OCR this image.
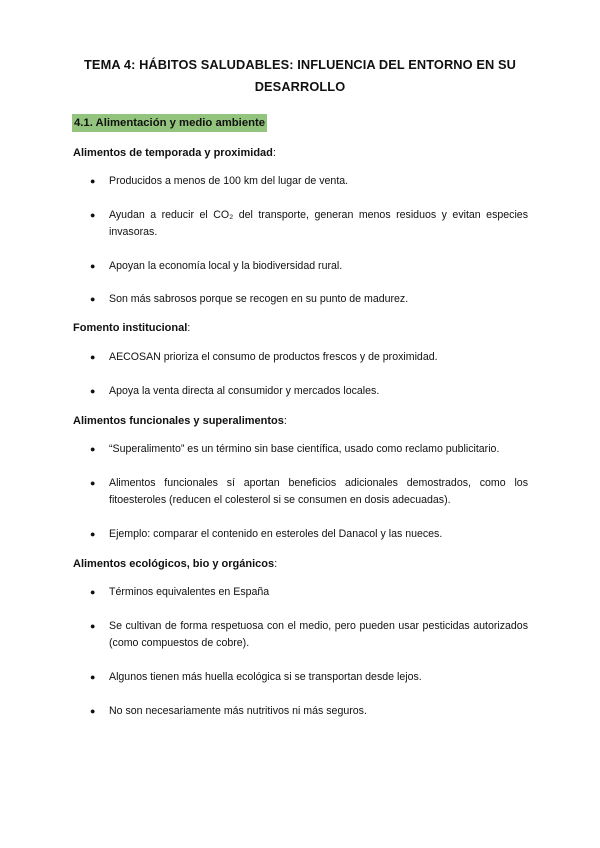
TEMA 4: HÁBITOS SALUDABLES: INFLUENCIA DEL ENTORNO EN SU
DESARROLLO
4.1. Alimentación y medio ambiente
Alimentos de temporada y proximidad:
● Producidos a menos de 100 km del lugar de venta.
● Ayudan a reducir el CO₂ del transporte, generan menos residuos y evitan especies invasoras.
● Apoyan la economía local y la biodiversidad rural.
● Son más sabrosos porque se recogen en su punto de madurez.
Fomento institucional:
● AECOSAN prioriza el consumo de productos frescos y de proximidad.
● Apoya la venta directa al consumidor y mercados locales.
Alimentos funcionales y superalimentos:
● “Superalimento” es un término sin base científica, usado como reclamo publicitario.
● Alimentos funcionales sí aportan beneficios adicionales demostrados, como los fitoesteroles (reducen el colesterol si se consumen en dosis adecuadas).
● Ejemplo: comparar el contenido en esteroles del Danacol y las nueces.
Alimentos ecológicos, bio y orgánicos:
● Términos equivalentes en España
● Se cultivan de forma respetuosa con el medio, pero pueden usar pesticidas autorizados (como compuestos de cobre).
● Algunos tienen más huella ecológica si se transportan desde lejos.
● No son necesariamente más nutritivos ni más seguros.
